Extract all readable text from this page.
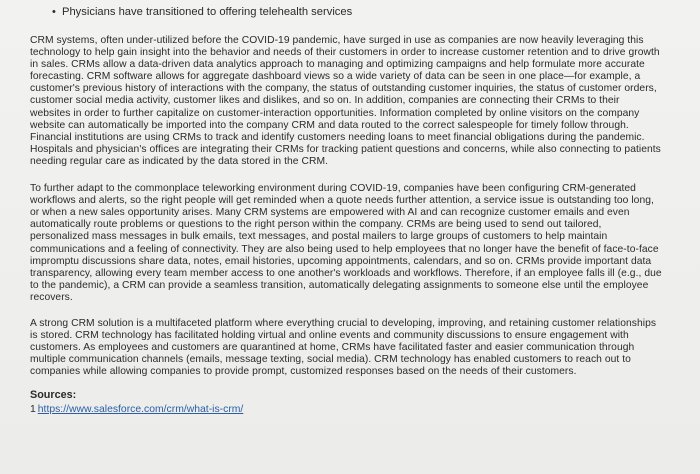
• Physicians have transitioned to offering telehealth services

CRM systems, often under-utilized before the COVID-19 pandemic, have surged in use as companies are now heavily leveraging this technology to help gain insight into the behavior and needs of their customers in order to increase customer retention and to drive growth in sales. CRMs allow a data-driven data analytics approach to managing and optimizing campaigns and help formulate more accurate forecasting. CRM software allows for aggregate dashboard views so a wide variety of data can be seen in one place—for example, a customer's previous history of interactions with the company, the status of outstanding customer inquiries, the status of customer orders, customer social media activity, customer likes and dislikes, and so on. In addition, companies are connecting their CRMs to their websites in order to further capitalize on customer-interaction opportunities. Information completed by online visitors on the company website can automatically be imported into the company CRM and data routed to the correct salespeople for timely follow through. Financial institutions are using CRMs to track and identify customers needing loans to meet financial obligations during the pandemic. Hospitals and physician's offices are integrating their CRMs for tracking patient questions and concerns, while also connecting to patients needing regular care as indicated by the data stored in the CRM.

To further adapt to the commonplace teleworking environment during COVID-19, companies have been configuring CRM-generated workflows and alerts, so the right people will get reminded when a quote needs further attention, a service issue is outstanding too long, or when a new sales opportunity arises. Many CRM systems are empowered with AI and can recognize customer emails and even automatically route problems or questions to the right person within the company. CRMs are being used to send out tailored, personalized mass messages in bulk emails, text messages, and postal mailers to large groups of customers to help maintain communications and a feeling of connectivity. They are also being used to help employees that no longer have the benefit of face-to-face impromptu discussions share data, notes, email histories, upcoming appointments, calendars, and so on. CRMs provide important data transparency, allowing every team member access to one another's workloads and workflows. Therefore, if an employee falls ill (e.g., due to the pandemic), a CRM can provide a seamless transition, automatically delegating assignments to someone else until the employee recovers.

A strong CRM solution is a multifaceted platform where everything crucial to developing, improving, and retaining customer relationships is stored. CRM technology has facilitated holding virtual and online events and community discussions to ensure engagement with customers. As employees and customers are quarantined at home, CRMs have facilitated faster and easier communication through multiple communication channels (emails, message texting, social media). CRM technology has enabled customers to reach out to companies while allowing companies to provide prompt, customized responses based on the needs of their customers.

Sources:
1 https://www.salesforce.com/crm/what-is-crm/
